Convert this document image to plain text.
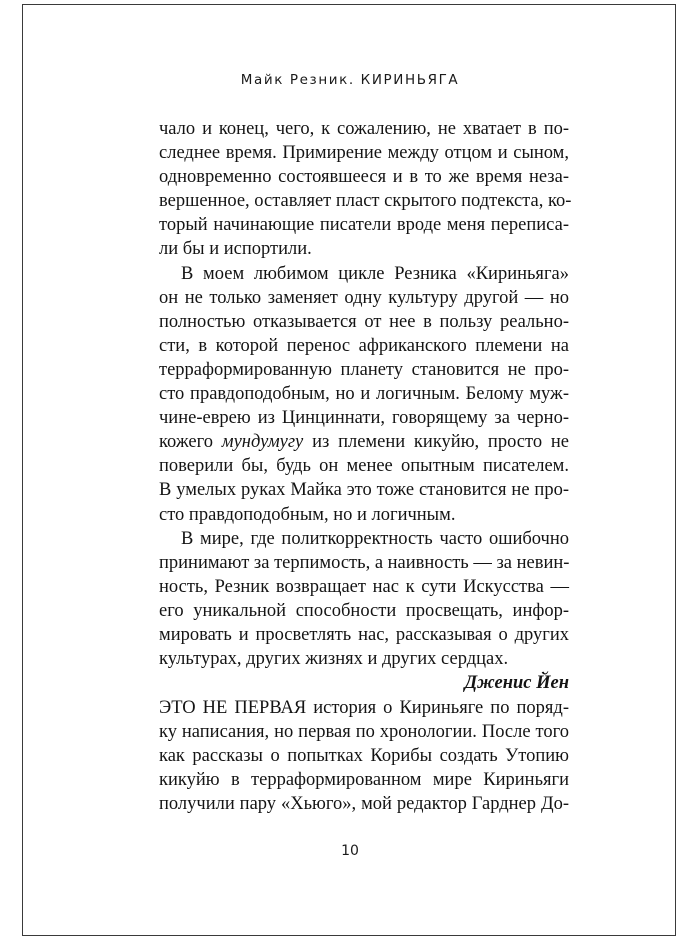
Майк Резник. КИРИНЬЯГА
чало и конец, чего, к сожалению, не хватает в по-
следнее время. Примирение между отцом и сыном,
одновременно состоявшееся и в то же время неза-
вершенное, оставляет пласт скрытого подтекста, ко-
торый начинающие писатели вроде меня переписа-
ли бы и испортили.
В моем любимом цикле Резника «Кириньяга»
он не только заменяет одну культуру другой — но
полностью отказывается от нее в пользу реально-
сти, в которой перенос африканского племени на
терраформированную планету становится не про-
сто правдоподобным, но и логичным. Белому муж-
чине-еврею из Цинциннати, говорящему за черно-
кожего мундумугу из племени кикуйю, просто не
поверили бы, будь он менее опытным писателем.
В умелых руках Майка это тоже становится не про-
сто правдоподобным, но и логичным.
В мире, где политкорректность часто ошибочно
принимают за терпимость, а наивность — за невин-
ность, Резник возвращает нас к сути Искусства —
его уникальной способности просвещать, инфор-
мировать и просветлять нас, рассказывая о других
культурах, других жизнях и других сердцах.
Дженис Йен
ЭТО НЕ ПЕРВАЯ история о Кириньяге по поряд-
ку написания, но первая по хронологии. После того
как рассказы о попытках Корибы создать Утопию
кикуйю в терраформированном мире Кириньяги
получили пару «Хьюго», мой редактор Гарднер До-
10
